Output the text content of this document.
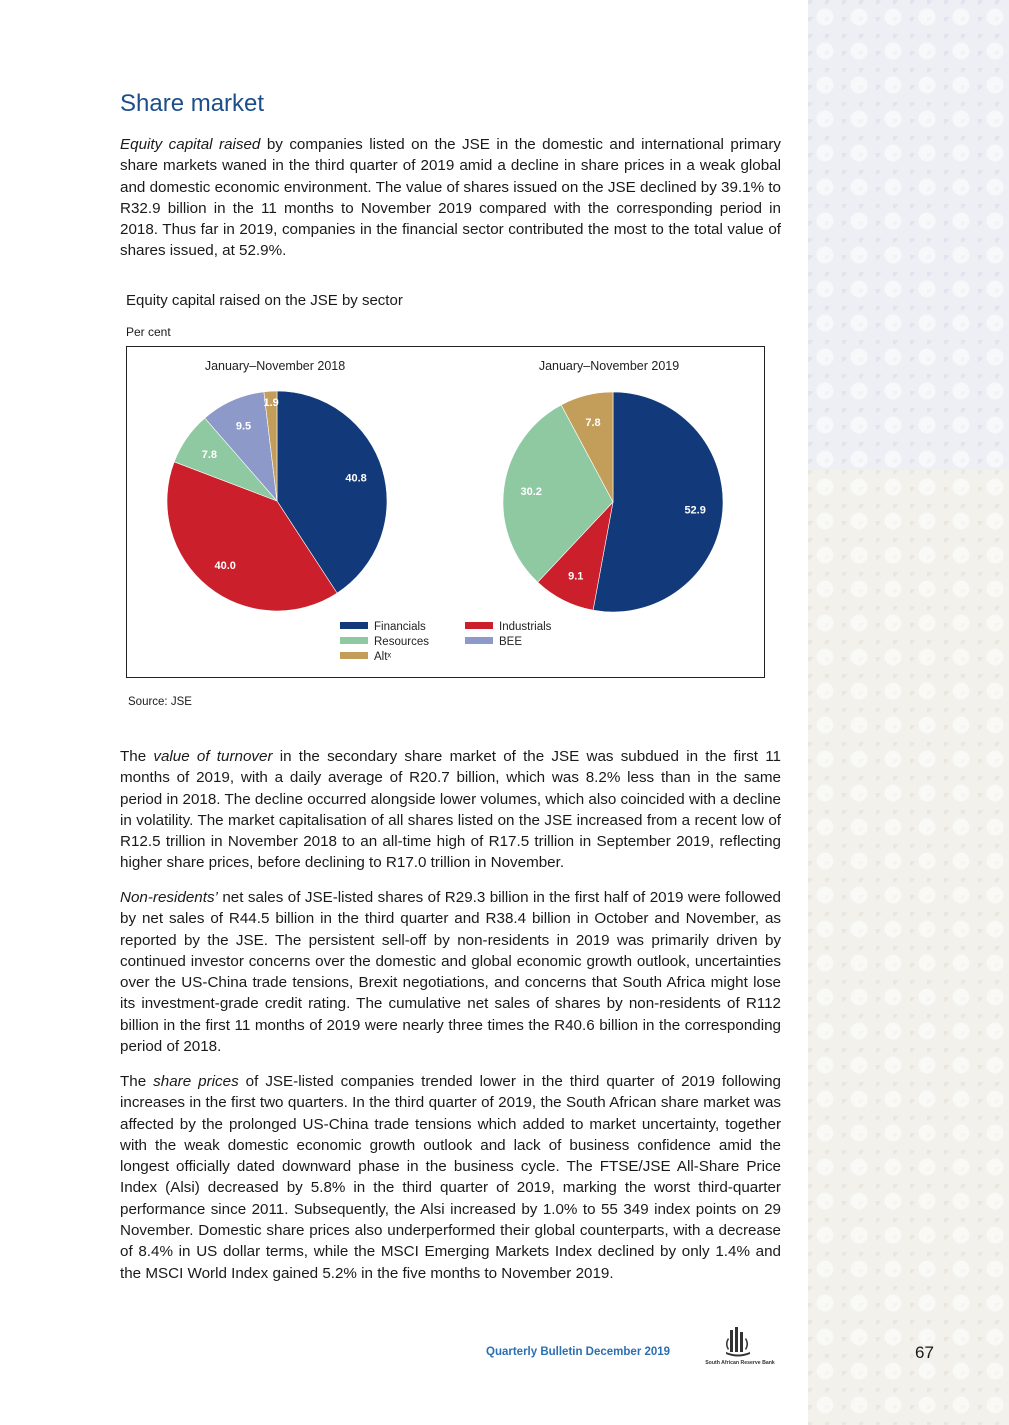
Share market

Equity capital raised by companies listed on the JSE in the domestic and international primary share markets waned in the third quarter of 2019 amid a decline in share prices in a weak global and domestic economic environment. The value of shares issued on the JSE declined by 39.1% to R32.9 billion in the 11 months to November 2019 compared with the corresponding period in 2018. Thus far in 2019, companies in the financial sector contributed the most to the total value of shares issued, at 52.9%.

Equity capital raised on the JSE by sector
Per cent
January–November 2018
40.8
40.0
7.8
9.5
1.9
January–November 2019
52.9
9.1
30.2
7.8
Financials	Industrials
Resources	BEE
Altˣ
Source: JSE

The value of turnover in the secondary share market of the JSE was subdued in the first 11 months of 2019, with a daily average of R20.7 billion, which was 8.2% less than in the same period in 2018. The decline occurred alongside lower volumes, which also coincided with a decline in volatility. The market capitalisation of all shares listed on the JSE increased from a recent low of R12.5 trillion in November 2018 to an all-time high of R17.5 trillion in September 2019, reflecting higher share prices, before declining to R17.0 trillion in November.

Non-residents’ net sales of JSE-listed shares of R29.3 billion in the first half of 2019 were followed by net sales of R44.5 billion in the third quarter and R38.4 billion in October and November, as reported by the JSE. The persistent sell-off by non-residents in 2019 was primarily driven by continued investor concerns over the domestic and global economic growth outlook, uncertainties over the US-China trade tensions, Brexit negotiations, and concerns that South Africa might lose its investment-grade credit rating. The cumulative net sales of shares by non-residents of R112 billion in the first 11 months of 2019 were nearly three times the R40.6 billion in the corresponding period of 2018.

The share prices of JSE-listed companies trended lower in the third quarter of 2019 following increases in the first two quarters. In the third quarter of 2019, the South African share market was affected by the prolonged US-China trade tensions which added to market uncertainty, together with the weak domestic economic growth outlook and lack of business confidence amid the longest officially dated downward phase in the business cycle. The FTSE/JSE All-Share Price Index (Alsi) decreased by 5.8% in the third quarter of 2019, marking the worst third-quarter performance since 2011. Subsequently, the Alsi increased by 1.0% to 55 349 index points on 29 November. Domestic share prices also underperformed their global counterparts, with a decrease of 8.4% in US dollar terms, while the MSCI Emerging Markets Index declined by only 1.4% and the MSCI World Index gained 5.2% in the five months to November 2019.

Quarterly Bulletin December 2019
South African Reserve Bank
67
